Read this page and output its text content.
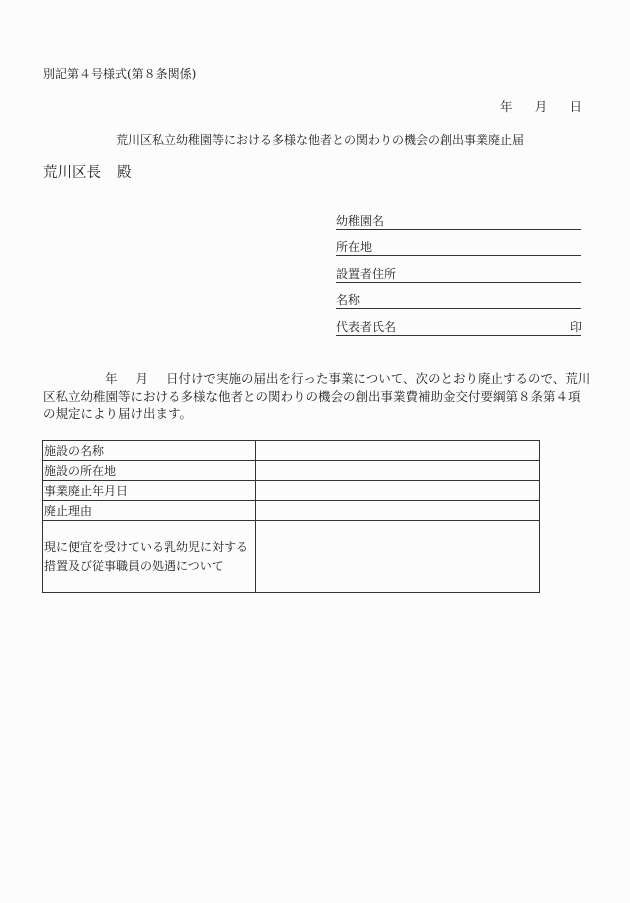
別記第４号様式(第８条関係)
年 月 日
荒川区私立幼稚園等における多様な他者との関わりの機会の創出事業廃止届
荒川区長 殿
幼稚園名
所在地
設置者住所
名称
代表者氏名	印
年 月 日付けで実施の届出を行った事業について、次のとおり廃止するので、荒川
区私立幼稚園等における多様な他者との関わりの機会の創出事業費補助金交付要綱第８条第４項
の規定により届け出ます。
施設の名称	
施設の所在地	
事業廃止年月日	
廃止理由	

現に便宜を受けている乳幼児に対する
措置及び従事職員の処遇について	
